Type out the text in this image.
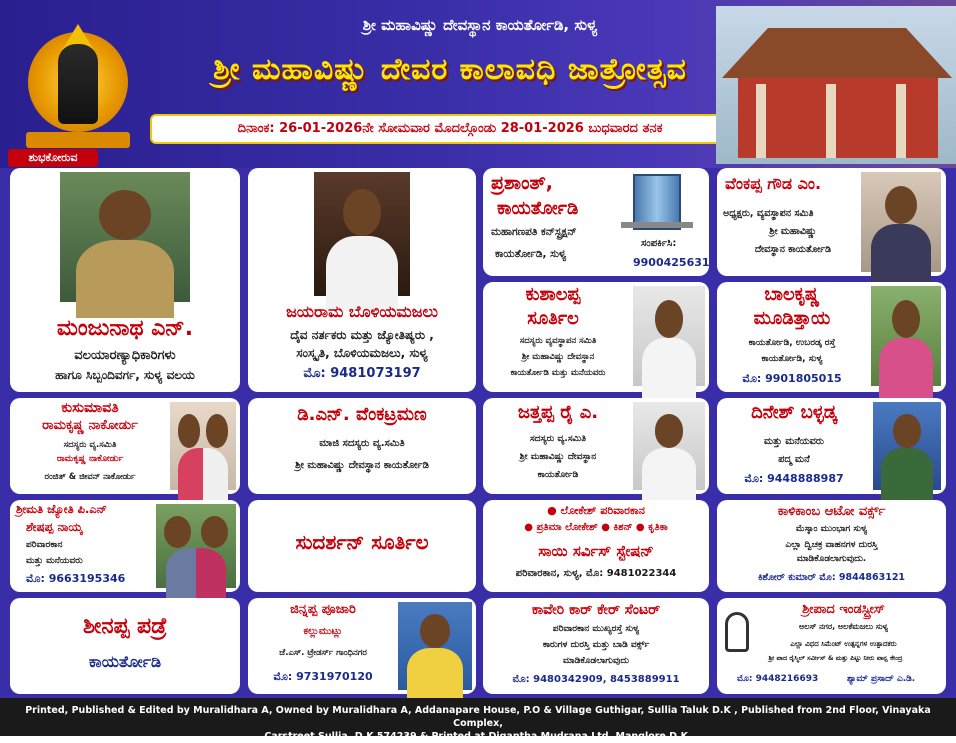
ಶ್ರೀ ಮಹಾವಿಷ್ಣು ದೇವಸ್ಥಾನ ಕಾಯರ್ತೋಡಿ, ಸುಳ್ಯ
ಶ್ರೀ ಮಹಾವಿಷ್ಣು ದೇವರ ಕಾಲಾವಧಿ ಜಾತ್ರೋತ್ಸವ
ದಿನಾಂಕ: 26-01-2026ನೇ ಸೋಮವಾರ ಮೊದಲ್ಗೊಂಡು 28-01-2026 ಬುಧವಾರದ ತನಕ
ಶುಭಕೋರುವ
ಮಂಜುನಾಥ ಎನ್.
ವಲಯಾರಣ್ಯಾಧಿಕಾರಿಗಳು
ಹಾಗೂ ಸಿಬ್ಬಂದಿವರ್ಗ, ಸುಳ್ಯ ವಲಯ
ಜಯರಾಮ ಬೊಳಿಯಮಜಲು
ದೈವ ನರ್ತಕರು ಮತ್ತು ಜ್ಯೋತಿಷ್ಯರು ,
ಸಂಸ್ಕೃತಿ, ಬೊಳಿಯಮಜಲು, ಸುಳ್ಯ
ಮೊ: 9481073197
ಪ್ರಶಾಂತ್,
ಕಾಯರ್ತೋಡಿ
ಮಹಾಗಣಪತಿ ಕನ್‌ಸ್ಟ್ರಕ್ಷನ್
ಕಾಯರ್ತೋಡಿ, ಸುಳ್ಯ
ಸಂಪರ್ಕಿಸಿ:
9900425631
ವೆಂಕಪ್ಪ ಗೌಡ ಎಂ.
ಅಧ್ಯಕ್ಷರು, ವ್ಯವಸ್ಥಾಪನ ಸಮಿತಿ
ಶ್ರೀ ಮಹಾವಿಷ್ಣು
ದೇವಸ್ಥಾನ ಕಾಯರ್ತೋಡಿ
ಕುಶಾಲಪ್ಪ
ಸೂರ್ತಿಲ
ಸದಸ್ಯರು ವ್ಯವಸ್ಥಾಪನ ಸಮಿತಿ
ಶ್ರೀ ಮಹಾವಿಷ್ಣು ದೇವಸ್ಥಾನ
ಕಾಯರ್ತೋಡಿ ಮತ್ತು ಮನೆಯವರು
ಬಾಲಕೃಷ್ಣ
ಮೂಡಿತ್ತಾಯ
ಕಾಯರ್ತೋಡಿ, ಉಬರಡ್ಕ ರಸ್ತೆ
ಕಾಯರ್ತೋಡಿ, ಸುಳ್ಯ
ಮೊ: 9901805015
ಕುಸುಮಾವತಿ
ರಾಮಕೃಷ್ಣ ನಾಕೋರ್ಡು
ಸದಸ್ಯರು ವ್ಯ.ಸಮಿತಿ
ರಾಮಕೃಷ್ಣ ನಾಕೋರ್ಡು
ರಂಜಿತ್ & ಜೀವನ್ ನಾಕೋರ್ಡು
ಡಿ.ಎನ್. ವೆಂಕಟ್ರಮಣ
ಮಾಜಿ ಸದಸ್ಯರು ವ್ಯ.ಸಮಿತಿ
ಶ್ರೀ ಮಹಾವಿಷ್ಣು ದೇವಸ್ಥಾನ ಕಾಯರ್ತೋಡಿ
ಜತ್ತಪ್ಪ ರೈ ಎ.
ಸದಸ್ಯರು ವ್ಯ.ಸಮಿತಿ
ಶ್ರೀ ಮಹಾವಿಷ್ಣು ದೇವಸ್ಥಾನ
ಕಾಯರ್ತೋಡಿ
ದಿನೇಶ್ ಬಳ್ಳಡ್ಕ
ಮತ್ತು ಮನೆಯವರು
ಪದ್ಮ ಮನೆ
ಮೊ: 9448888987
ಶ್ರೀಮತಿ ಜ್ಯೋತಿ ಪಿ.ಎನ್
ಶೇಷಪ್ಪ ನಾಯ್ಕ
ಪರಿವಾರಕಾನ
ಮತ್ತು ಮನೆಯವರು
ಮೊ: 9663195346
ಸುದರ್ಶನ್ ಸೂರ್ತಿಲ
● ಲೋಕೇಶ್ ಪರಿವಾರಕಾನ
● ಪ್ರತಿಮಾ ಲೋಕೇಶ್ ● ಕಿಶನ್ ● ಕೃತಿಕಾ
ಸಾಯಿ ಸರ್ವಿಸ್ ಸ್ಟೇಷನ್
ಪರಿವಾರಕಾನ, ಸುಳ್ಯ, ಮೊ: 9481022344
ಕಾಳಿಕಾಂಬ ಆಟೋ ವರ್ಕ್ಸ್
ಮೆಸ್ಕಾಂ ಮುಂಭಾಗ ಸುಳ್ಯ
ಎಲ್ಲಾ ದ್ವಿಚಕ್ರ ವಾಹನಗಳ ದುರಸ್ತಿ
ಮಾಡಿಕೊಡಲಾಗುವುದು.
ಕಿಶೋರ್ ಕುಮಾರ್ ಮೊ: 9844863121
ಶೀನಪ್ಪ ಪಡ್ರೆ
ಕಾಯರ್ತೋಡಿ
ಜಿನ್ನಪ್ಪ ಪೂಜಾರಿ
ಕಲ್ಲುಮುಟ್ಲು
ಜೆ.ಎಸ್. ಟ್ರೇಡರ್ಸ್ ಗಾಂಧಿನಗರ
ಮೊ: 9731970120
ಕಾವೇರಿ ಕಾರ್ ಕೇರ್ ಸೆಂಟರ್
ಪರಿವಾರಕಾನ ಮುಖ್ಯರಸ್ತೆ ಸುಳ್ಯ
ಕಾರುಗಳ ದುರಸ್ತಿ ಮತ್ತು ಬಾಡಿ ವರ್ಕ್ಸ್
ಮಾಡಿಕೊಡಲಾಗುವುದು
ಮೊ: 9480342909, 8453889911
ಶ್ರೀಪಾದ ಇಂಡಸ್ಟ್ರೀಸ್
ಅಲಸ್ ನಗರ, ಅಲಕೆಮಜಲು ಸುಳ್ಯ
ಎಲ್ಲಾ ವಿಧದ ಸಿಮೆಂಟ್ ಉತ್ಪನ್ನಗಳ ಉತ್ಪಾದಕರು
ಶ್ರೀ ಪಾದ ರೈಸ್ಮಿಲ್ ಸರ್ವೀಸ್ & ಮತ್ತು ಪಿಟ್ಟು ನೀರು ಪಾನ್ಷ ಕೇಂದ್ರ
ಮೊ: 9448216693	ಶ್ಯಾಮ್ ಪ್ರಸಾದ್ ಎ.ಡಿ.
Printed, Published & Edited by Muralidhara A, Owned by Muralidhara A, Addanapare House, P.O & Village Guthigar, Sullia Taluk D.K , Published from 2nd Floor, Vinayaka Complex,
Carstreet Sullia, D.K 574239 & Printed at Digantha Mudrana Ltd, Manglore D.K.
